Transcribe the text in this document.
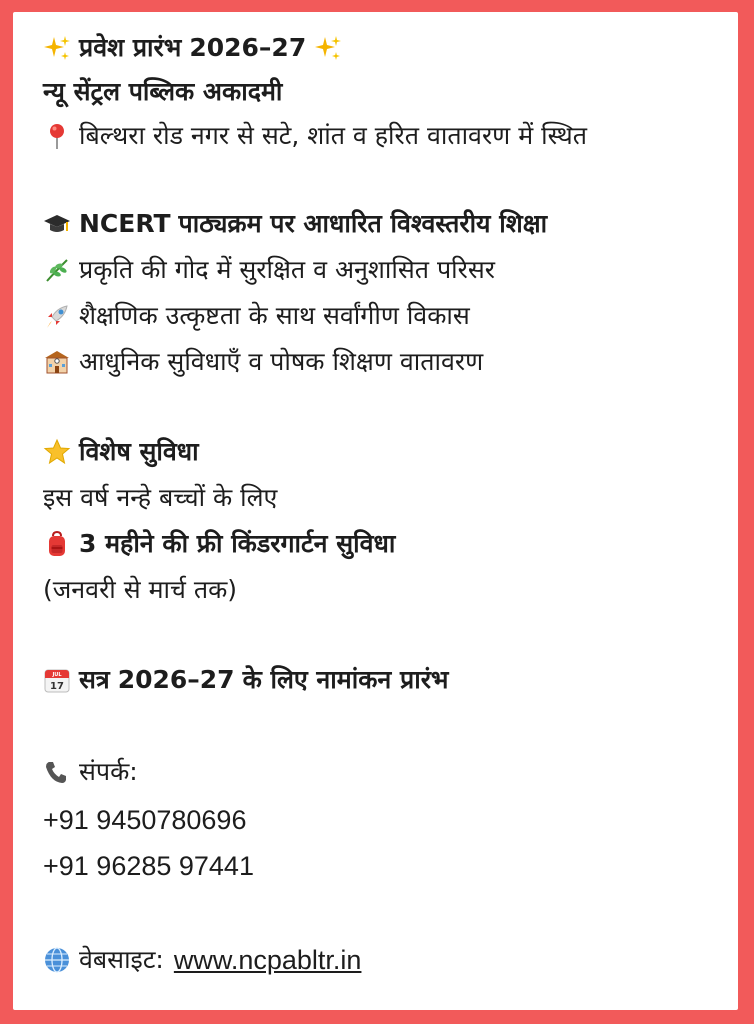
प्रवेश प्रारंभ 2026–27
न्यू सेंट्रल पब्लिक अकादमी
बिल्थरा रोड नगर से सटे, शांत व हरित वातावरण में स्थित
NCERT पाठ्यक्रम पर आधारित विश्वस्तरीय शिक्षा
प्रकृति की गोद में सुरक्षित व अनुशासित परिसर
शैक्षणिक उत्कृष्टता के साथ सर्वांगीण विकास
आधुनिक सुविधाएँ व पोषक शिक्षण वातावरण
विशेष सुविधा
इस वर्ष नन्हे बच्चों के लिए
3 महीने की फ्री किंडरगार्टन सुविधा
(जनवरी से मार्च तक)
JUL
17 सत्र 2026–27 के लिए नामांकन प्रारंभ
संपर्क:
+91 9450780696
+91 96285 97441
वेबसाइट: www.ncpabltr.in
